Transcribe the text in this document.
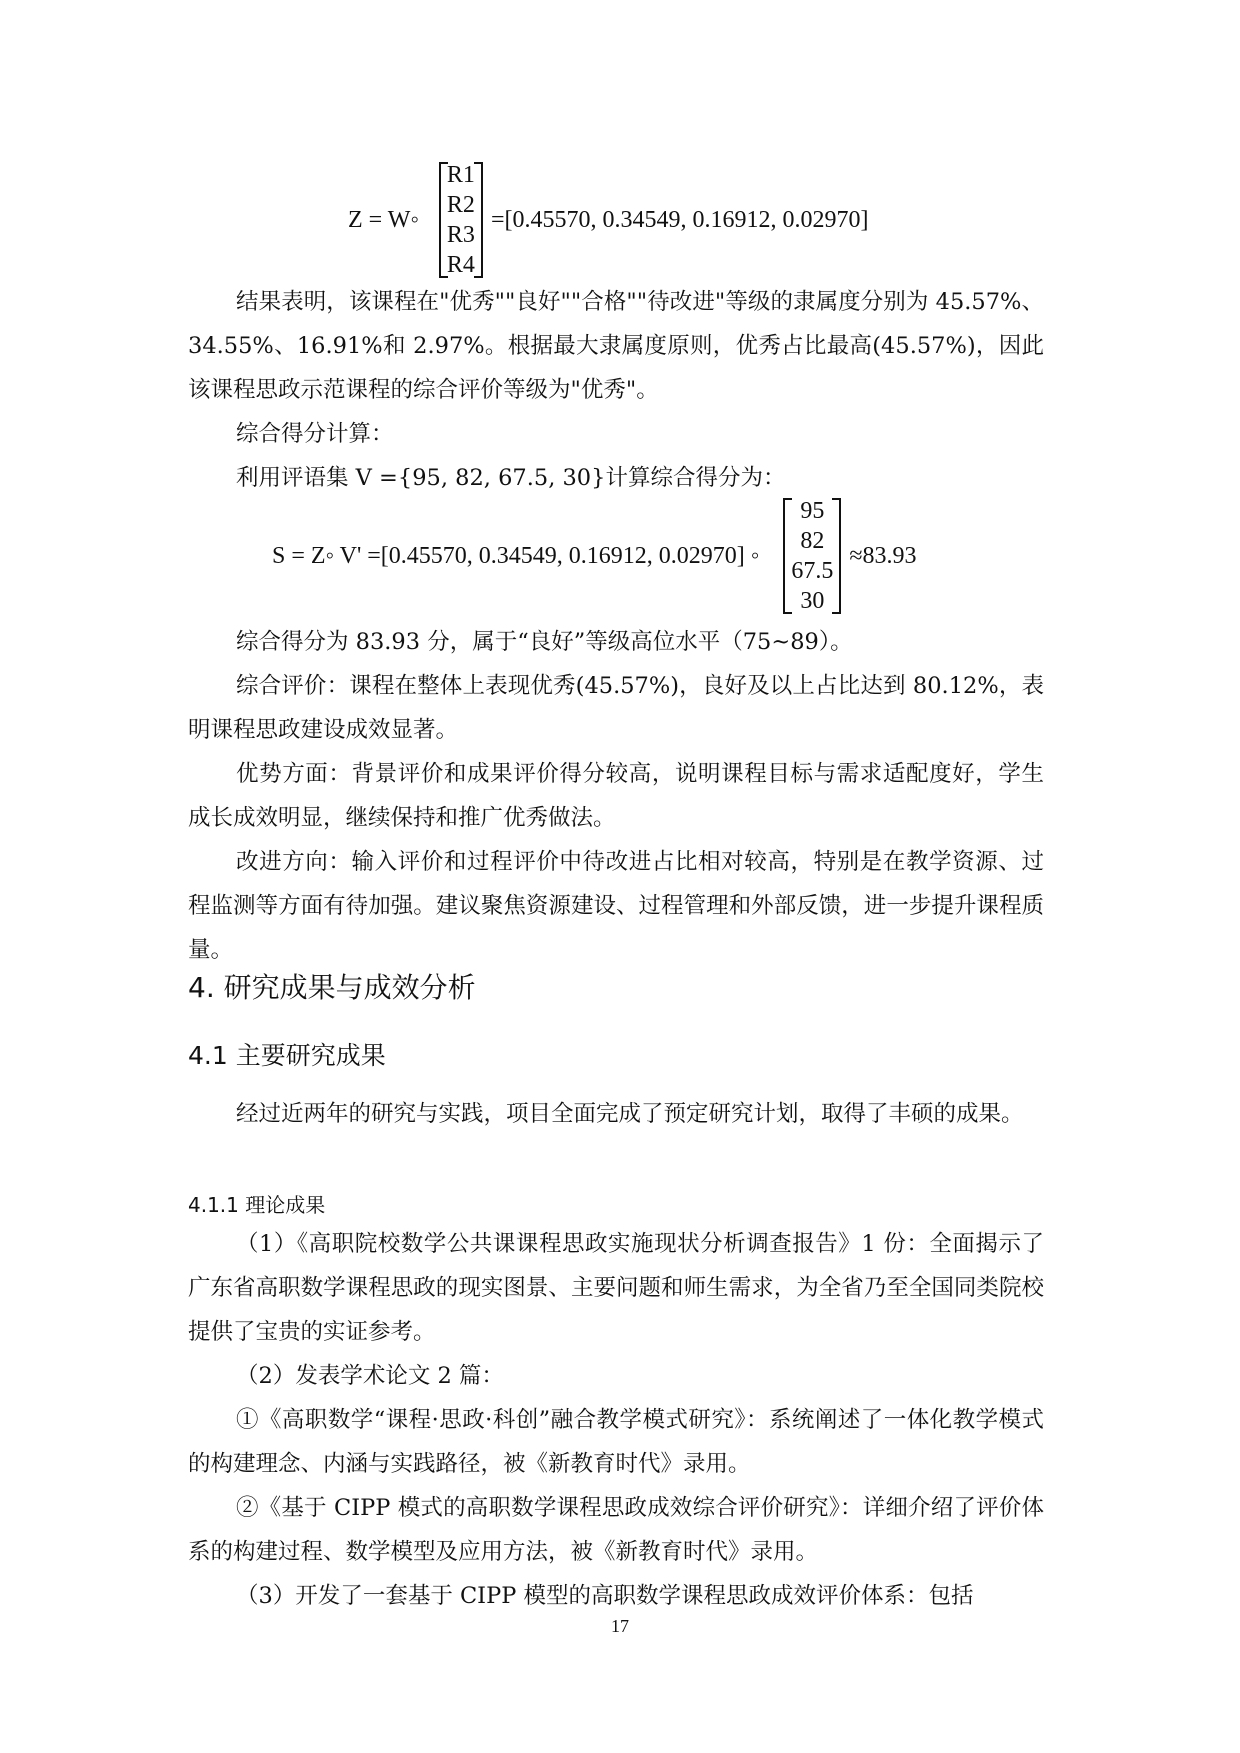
Z = W◦
R1
R2
R3
R4
=[0.45570, 0.34549, 0.16912, 0.02970]
结果表明，该课程在"优秀""良好""合格""待改进"等级的隶属度分别为 45.57%、34.55%、16.91%和 2.97%。根据最大隶属度原则，优秀占比最高(45.57%)，因此该课程思政示范课程的综合评价等级为"优秀"。
综合得分计算：
利用评语集 V ={95, 82, 67.5, 30}计算综合得分为：
S = Z◦ V' =[0.45570, 0.34549, 0.16912, 0.02970] ◦
95
82
67.5
30
≈83.93
综合得分为 83.93 分，属于“良好”等级高位水平（75~89）。
综合评价：课程在整体上表现优秀(45.57%)，良好及以上占比达到 80.12%，表明课程思政建设成效显著。
优势方面：背景评价和成果评价得分较高，说明课程目标与需求适配度好，学生成长成效明显，继续保持和推广优秀做法。
改进方向：输入评价和过程评价中待改进占比相对较高，特别是在教学资源、过程监测等方面有待加强。建议聚焦资源建设、过程管理和外部反馈，进一步提升课程质量。
4. 研究成果与成效分析
4.1 主要研究成果
经过近两年的研究与实践，项目全面完成了预定研究计划，取得了丰硕的成果。
4.1.1 理论成果
（1）《高职院校数学公共课课程思政实施现状分析调查报告》1 份：全面揭示了广东省高职数学课程思政的现实图景、主要问题和师生需求，为全省乃至全国同类院校提供了宝贵的实证参考。
（2）发表学术论文 2 篇：
①《高职数学“课程·思政·科创”融合教学模式研究》：系统阐述了一体化教学模式的构建理念、内涵与实践路径，被《新教育时代》录用。
②《基于 CIPP 模式的高职数学课程思政成效综合评价研究》：详细介绍了评价体系的构建过程、数学模型及应用方法，被《新教育时代》录用。
（3）开发了一套基于 CIPP 模型的高职数学课程思政成效评价体系：包括
17
